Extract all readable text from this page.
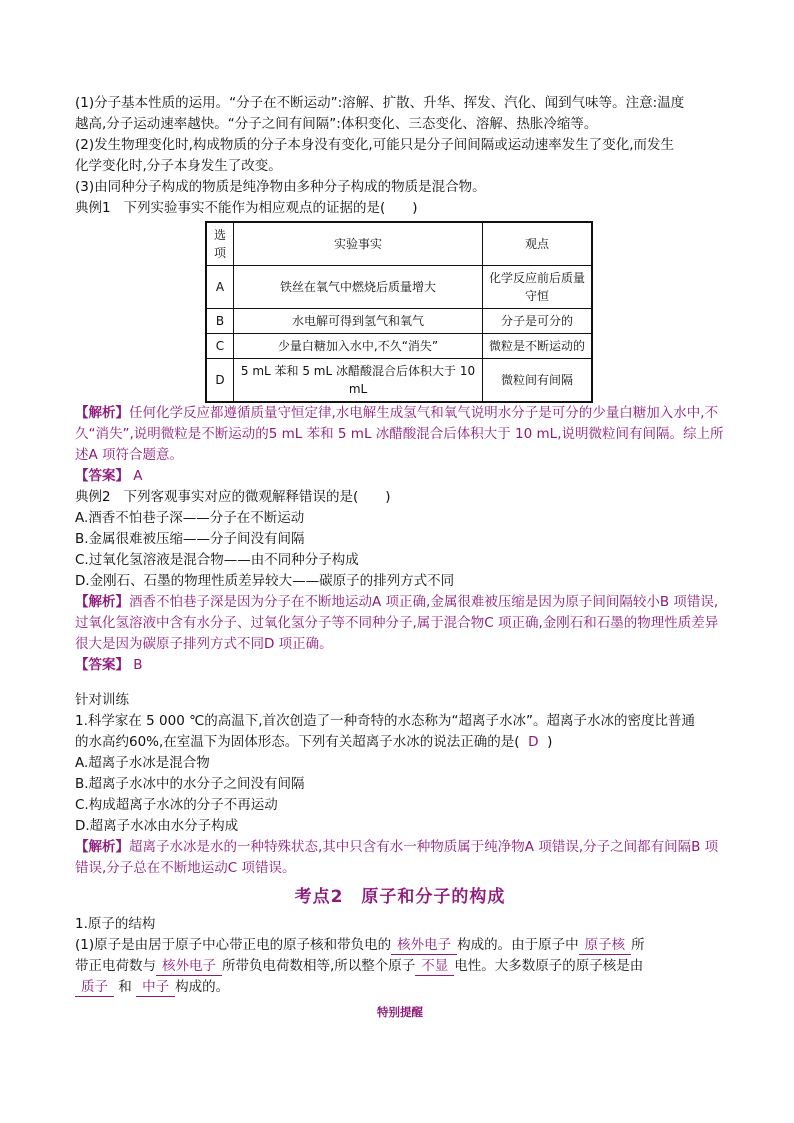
(1)分子基本性质的运用。“分子在不断运动”:溶解、扩散、升华、挥发、汽化、闻到气味等。注意:温度

越高,分子运动速率越快。“分子之间有间隔”:体积变化、三态变化、溶解、热胀冷缩等。

(2)发生物理变化时,构成物质的分子本身没有变化,可能只是分子间间隔或运动速率发生了变化,而发生

化学变化时,分子本身发生了改变。

(3)由同种分子构成的物质是纯净物由多种分子构成的物质是混合物。

典例1 下列实验事实不能作为相应观点的证据的是(　　)

选项	实验事实	观点
A	铁丝在氧气中燃烧后质量增大	化学反应前后质量守恒
B	水电解可得到氢气和氧气	分子是可分的
C	少量白糖加入水中,不久“消失”	微粒是不断运动的
D	5 mL 苯和 5 mL 冰醋酸混合后体积大于 10 mL	微粒间有间隔

【解析】任何化学反应都遵循质量守恒定律,水电解生成氢气和氧气说明水分子是可分的少量白糖加入水中,不久“消失”,说明微粒是不断运动的5 mL 苯和 5 mL 冰醋酸混合后体积大于 10 mL,说明微粒间有间隔。综上所述A 项符合题意。

【答案】 A

典例2 下列客观事实对应的微观解释错误的是(　　)

A.酒香不怕巷子深——分子在不断运动

B.金属很难被压缩——分子间没有间隔

C.过氧化氢溶液是混合物——由不同种分子构成

D.金刚石、石墨的物理性质差异较大——碳原子的排列方式不同

【解析】酒香不怕巷子深是因为分子在不断地运动A 项正确,金属很难被压缩是因为原子间间隔较小B 项错误,过氧化氢溶液中含有水分子、过氧化氢分子等不同种分子,属于混合物C 项正确,金刚石和石墨的物理性质差异很大是因为碳原子排列方式不同D 项正确。

【答案】 B

针对训练

1.科学家在 5 000 ℃的高温下,首次创造了一种奇特的水态称为“超离子水冰”。超离子水冰的密度比普通

的水高约60%,在室温下为固体形态。下列有关超离子水冰的说法正确的是( D )

A.超离子水冰是混合物

B.超离子水冰中的水分子之间没有间隔

C.构成超离子水冰的分子不再运动

D.超离子水冰由水分子构成

【解析】超离子水冰是水的一种特殊状态,其中只含有水一种物质属于纯净物A 项错误,分子之间都有间隔B 项错误,分子总在不断地运动C 项错误。

考点2　原子和分子的构成

1.原子的结构

(1)原子是由居于原子中心带正电的原子核和带负电的 核外电子 构成的。由于原子中 原子核 所

带正电荷数与 核外电子 所带负电荷数相等,所以整个原子 不显 电性。大多数原子的原子核是由

质子 和 中子 构成的。

特别提醒
